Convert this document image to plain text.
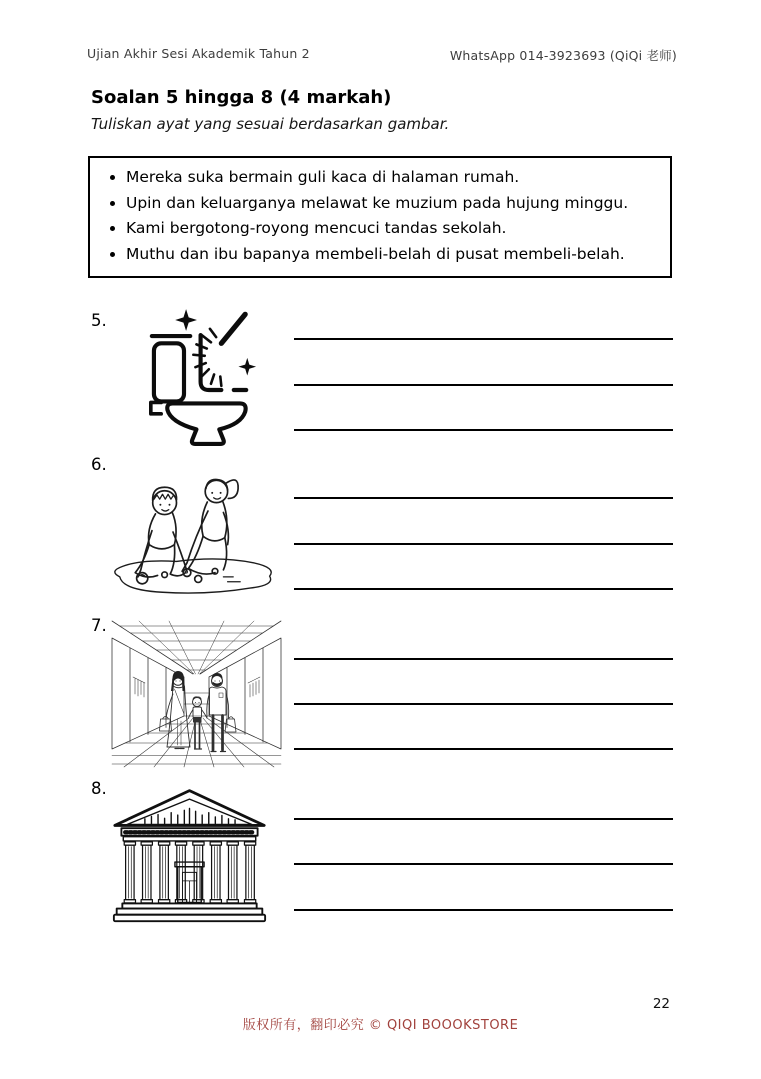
Ujian Akhir Sesi Akademik Tahun 2	WhatsApp 014-3923693 (QiQi 老师)
Soalan 5 hingga 8 (4 markah)
Tuliskan ayat yang sesuai berdasarkan gambar.
• Mereka suka bermain guli kaca di halaman rumah.
• Upin dan keluarganya melawat ke muzium pada hujung minggu.
• Kami bergotong-royong mencuci tandas sekolah.
• Muthu dan ibu bapanya membeli-belah di pusat membeli-belah.
5.
6.
7.
8.
22
版权所有，翻印必究 © QIQI BOOOKSTORE
